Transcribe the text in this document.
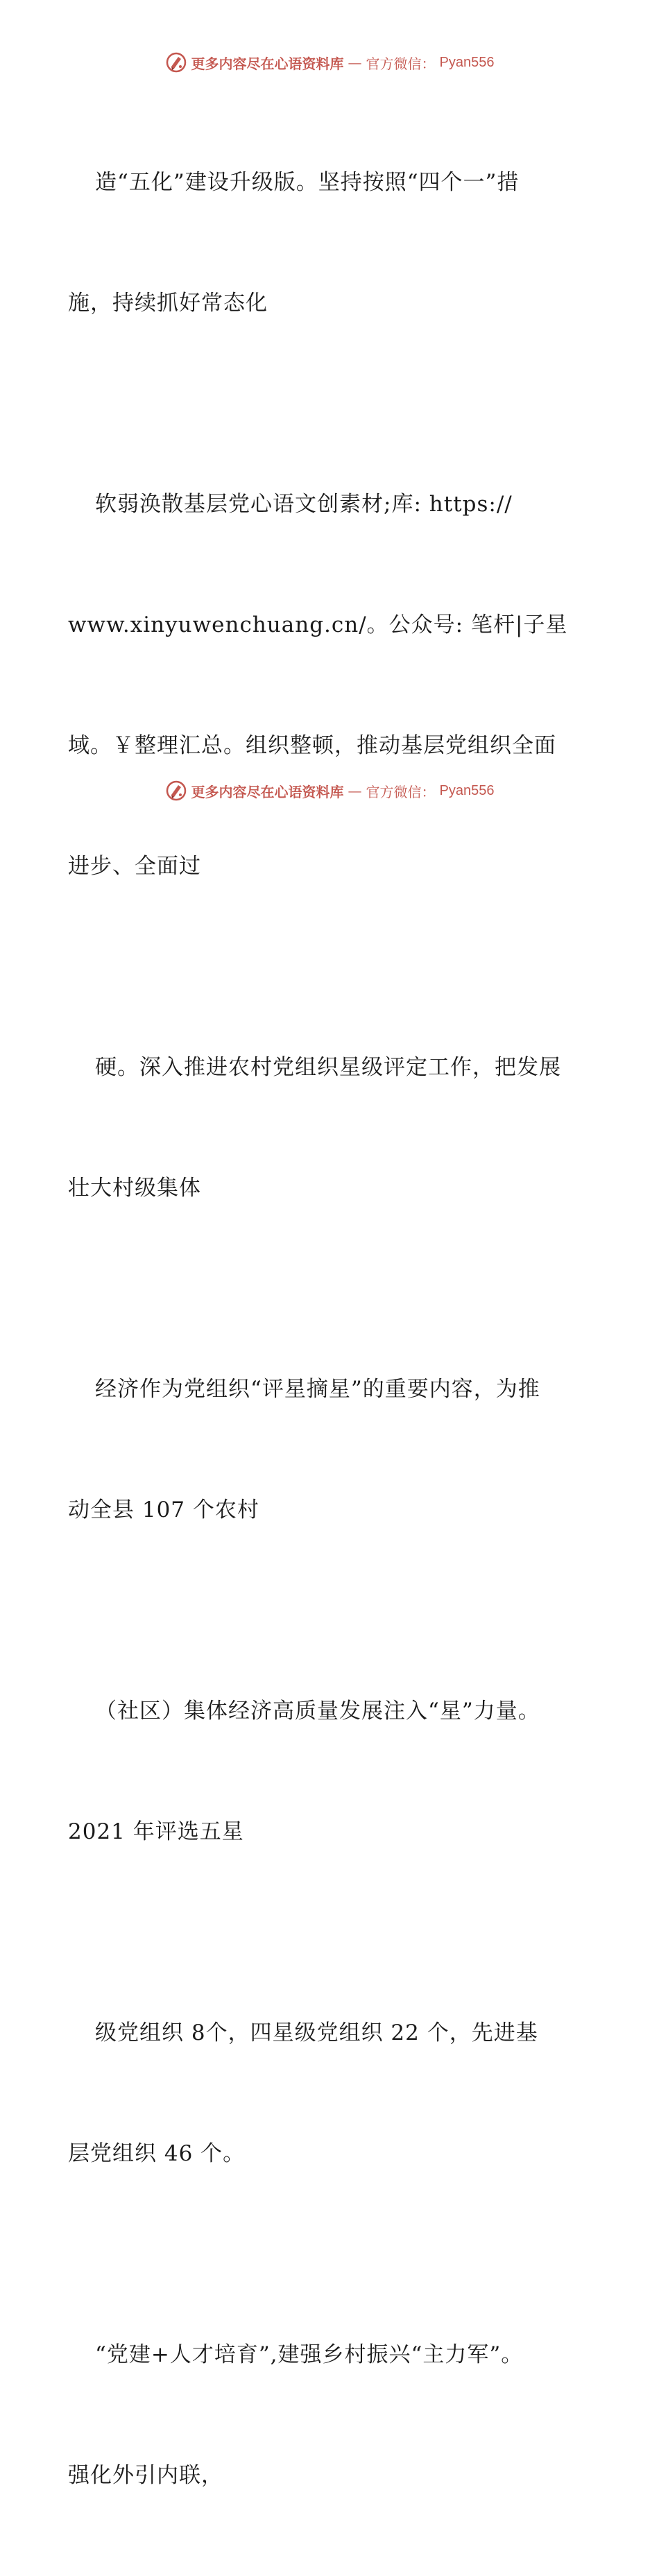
更多内容尽在心语资料库 — 官方微信： Pyan556

造“五化”建设升级版。坚持按照“四个一”措

施，持续抓好常态化

软弱涣散基层党心语文创素材;库: https://

www.xinyuwenchuang.cn/。公众号: 笔杆|子星

域。￥整理汇总。组织整顿，推动基层党组织全面

进步、全面过

硬。深入推进农村党组织星级评定工作，把发展

壮大村级集体

经济作为党组织“评星摘星”的重要内容，为推

动全县 107 个农村

（社区）集体经济高质量发展注入“星”力量。

2021 年评选五星

级党组织 8个，四星级党组织 22 个，先进基

层党组织 46 个。

“党建+人才培育”,建强乡村振兴“主力军”。

强化外引内联，

更多内容尽在心语资料库 — 官方微信： Pyan556
